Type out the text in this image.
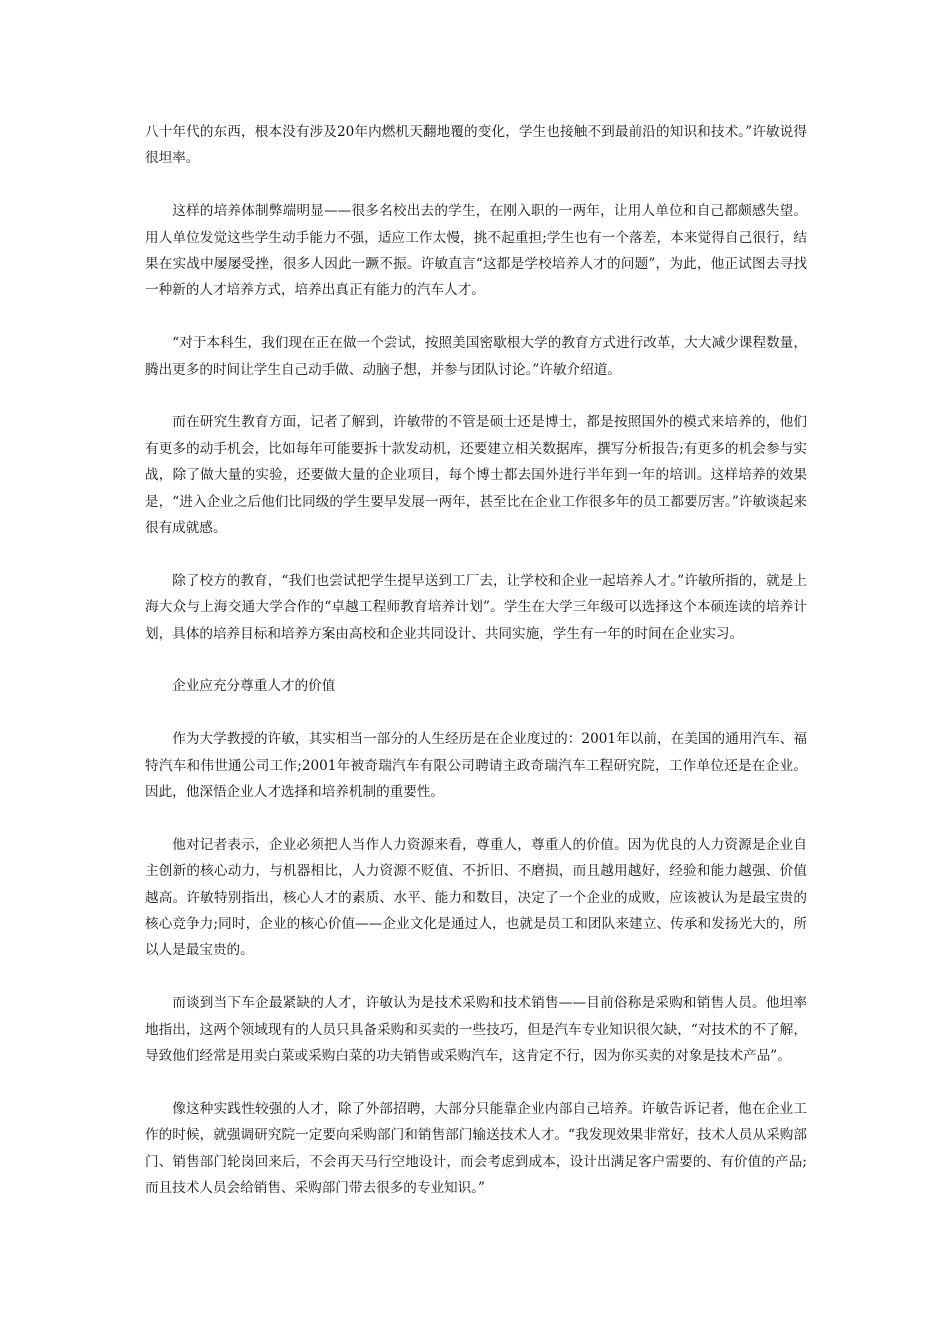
八十年代的东西，根本没有涉及20年内燃机天翻地覆的变化，学生也接触不到最前沿的知识和技术。”许敏说得很坦率。

这样的培养体制弊端明显——很多名校出去的学生，在刚入职的一两年，让用人单位和自己都颇感失望。用人单位发觉这些学生动手能力不强，适应工作太慢，挑不起重担;学生也有一个落差，本来觉得自己很行，结果在实战中屡屡受挫，很多人因此一蹶不振。许敏直言“这都是学校培养人才的问题”，为此，他正试图去寻找一种新的人才培养方式，培养出真正有能力的汽车人才。

“对于本科生，我们现在正在做一个尝试，按照美国密歇根大学的教育方式进行改革，大大减少课程数量，腾出更多的时间让学生自己动手做、动脑子想，并参与团队讨论。”许敏介绍道。

而在研究生教育方面，记者了解到，许敏带的不管是硕士还是博士，都是按照国外的模式来培养的，他们有更多的动手机会，比如每年可能要拆十款发动机，还要建立相关数据库，撰写分析报告;有更多的机会参与实战，除了做大量的实验，还要做大量的企业项目，每个博士都去国外进行半年到一年的培训。这样培养的效果是，“进入企业之后他们比同级的学生要早发展一两年，甚至比在企业工作很多年的员工都要厉害。”许敏谈起来很有成就感。

除了校方的教育，“我们也尝试把学生提早送到工厂去，让学校和企业一起培养人才。”许敏所指的，就是上海大众与上海交通大学合作的“卓越工程师教育培养计划”。学生在大学三年级可以选择这个本硕连读的培养计划，具体的培养目标和培养方案由高校和企业共同设计、共同实施，学生有一年的时间在企业实习。

企业应充分尊重人才的价值

作为大学教授的许敏，其实相当一部分的人生经历是在企业度过的：2001年以前，在美国的通用汽车、福特汽车和伟世通公司工作;2001年被奇瑞汽车有限公司聘请主政奇瑞汽车工程研究院，工作单位还是在企业。因此，他深悟企业人才选择和培养机制的重要性。

他对记者表示，企业必须把人当作人力资源来看，尊重人，尊重人的价值。因为优良的人力资源是企业自主创新的核心动力，与机器相比，人力资源不贬值、不折旧、不磨损，而且越用越好，经验和能力越强、价值越高。许敏特别指出，核心人才的素质、水平、能力和数目，决定了一个企业的成败，应该被认为是最宝贵的核心竞争力;同时，企业的核心价值——企业文化是通过人，也就是员工和团队来建立、传承和发扬光大的，所以人是最宝贵的。

而谈到当下车企最紧缺的人才，许敏认为是技术采购和技术销售——目前俗称是采购和销售人员。他坦率地指出，这两个领域现有的人员只具备采购和买卖的一些技巧，但是汽车专业知识很欠缺，“对技术的不了解，导致他们经常是用卖白菜或采购白菜的功夫销售或采购汽车，这肯定不行，因为你买卖的对象是技术产品”。

像这种实践性较强的人才，除了外部招聘，大部分只能靠企业内部自己培养。许敏告诉记者，他在企业工作的时候，就强调研究院一定要向采购部门和销售部门输送技术人才。“我发现效果非常好，技术人员从采购部门、销售部门轮岗回来后，不会再天马行空地设计，而会考虑到成本，设计出满足客户需要的、有价值的产品;而且技术人员会给销售、采购部门带去很多的专业知识。”
